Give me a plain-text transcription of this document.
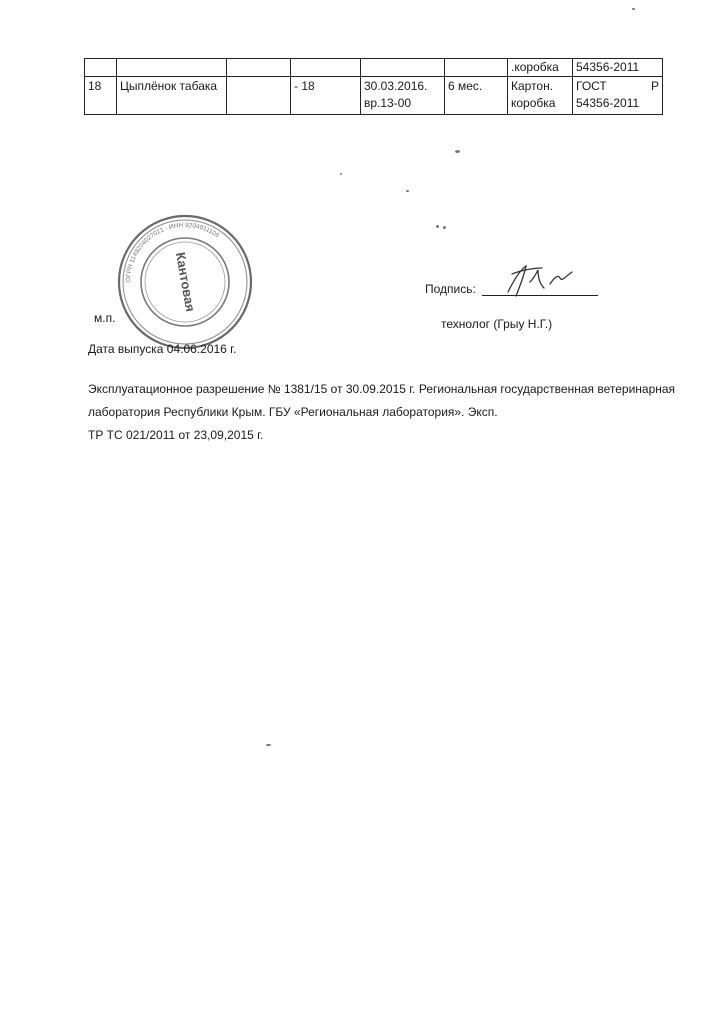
						.коробка	54356-2011
18	Цыплёнок табака		- 18	30.03.2016. вр.13-00	6 мес.	Картон. коробка	ГОСТ Р
54356-2011
ОГРН 1149204027021 · ИНН 9204011106
Кантовая
м.п.
Подпись:
технолог (Грыу Н.Г.)
Дата выпуска 04.06.2016 г.
Эксплуатационное разрешение № 1381/15 от 30.09.2015 г. Региональная государственная ветеринарная лаборатория Республики Крым. ГБУ «Региональная лаборатория». Эксп.
ТР ТС 021/2011 от 23,09,2015 г.
